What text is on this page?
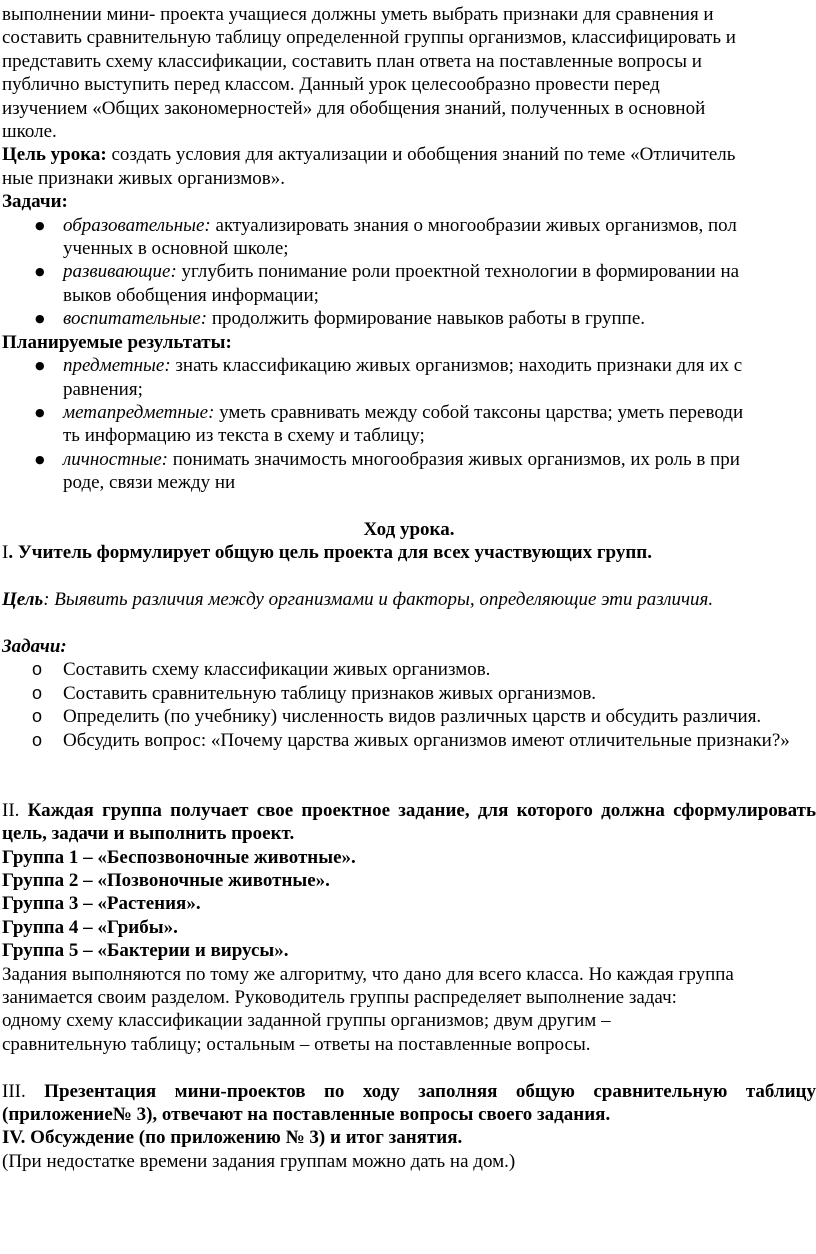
выполнении мини- проекта учащиеся должны уметь выбрать признаки для сравнения и

составить сравнительную таблицу определенной группы организмов, классифицировать и

представить схему классификации, составить план ответа на поставленные вопросы и

публично выступить перед классом. Данный урок целесообразно провести перед

изучением «Общих закономерностей» для обобщения знаний, полученных в основной

школе.

Цель урока: создать условия для актуализации и обобщения знаний по теме «Отличитель

ные признаки живых организмов».

Задачи:

● образовательные: актуализировать знания о многообразии живых организмов, пол
ученных в основной школе;
● развивающие: углубить понимание роли проектной технологии в формировании на
выков обобщения информации;
● воспитательные: продолжить формирование навыков работы в группе.

Планируемые результаты:

● предметные: знать классификацию живых организмов; находить признаки для их с
равнения;
● метапредметные: уметь сравнивать между собой таксоны царства; уметь переводи
ть информацию из текста в схему и таблицу;
● личностные: понимать значимость многообразия живых организмов, их роль в при
роде, связи между ни

Ход урока.

I. Учитель формулирует общую цель проекта для всех участвующих групп.

Цель: Выявить различия между организмами и факторы, определяющие эти различия.

Задачи:

o Составить схему классификации живых организмов.
o Составить сравнительную таблицу признаков живых организмов.
o Определить (по учебнику) численность видов различных царств и обсудить различия.
o Обсудить вопрос: «Почему царства живых организмов имеют отличительные признаки?»

II. Каждая группа получает свое проектное задание, для которого должна сформулировать цель, задачи и выполнить проект.

Группа 1 – «Беспозвоночные животные».

Группа 2 – «Позвоночные животные».

Группа 3 – «Растения».

Группа 4 – «Грибы».

Группа 5 – «Бактерии и вирусы».

Задания выполняются по тому же алгоритму, что дано для всего класса. Но каждая группа

занимается своим разделом. Руководитель группы распределяет выполнение задач:

одному схему классификации заданной группы организмов; двум другим –

сравнительную таблицу; остальным – ответы на поставленные вопросы.

III. Презентация мини-проектов по ходу заполняя общую сравнительную таблицу (приложение№ 3), отвечают на поставленные вопросы своего задания.

IV. Обсуждение (по приложению № 3) и итог занятия.

(При недостатке времени задания группам можно дать на дом.)
